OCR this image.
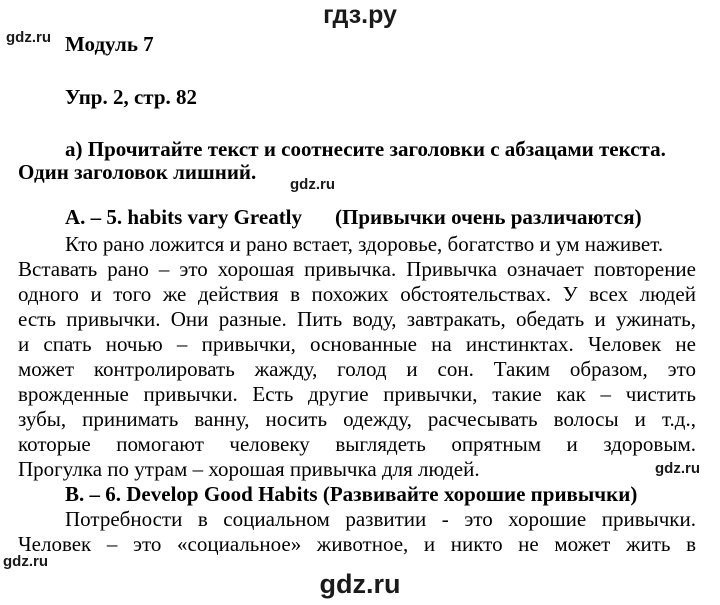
гдз.ру
gdz.ru
gdz.ru
gdz.ru
gdz.ru
gdz.ru
Модуль 7
Упр. 2, стр. 82
а) Прочитайте текст и соотнесите заголовки с абзацами текста.
Один заголовок лишний.
A. – 5. habits vary Greatly (Привычки очень различаются)
Кто рано ложится и рано встает, здоровье, богатство и ум наживет.
Вставать рано – это хорошая привычка. Привычка означает повторение
одного и того же действия в похожих обстоятельствах. У всех людей
есть привычки. Они разные. Пить воду, завтракать, обедать и ужинать,
и спать ночью – привычки, основанные на инстинктах. Человек не
может контролировать жажду, голод и сон. Таким образом, это
врожденные привычки. Есть другие привычки, такие как – чистить
зубы, принимать ванну, носить одежду, расчесывать волосы и т.д.,
которые помогают человеку выглядеть опрятным и здоровым.
Прогулка по утрам – хорошая привычка для людей.
B. – 6. Develop Good Habits (Развивайте хорошие привычки)
Потребности в социальном развитии - это хорошие привычки.
Человек – это «социальное» животное, и никто не может жить в
